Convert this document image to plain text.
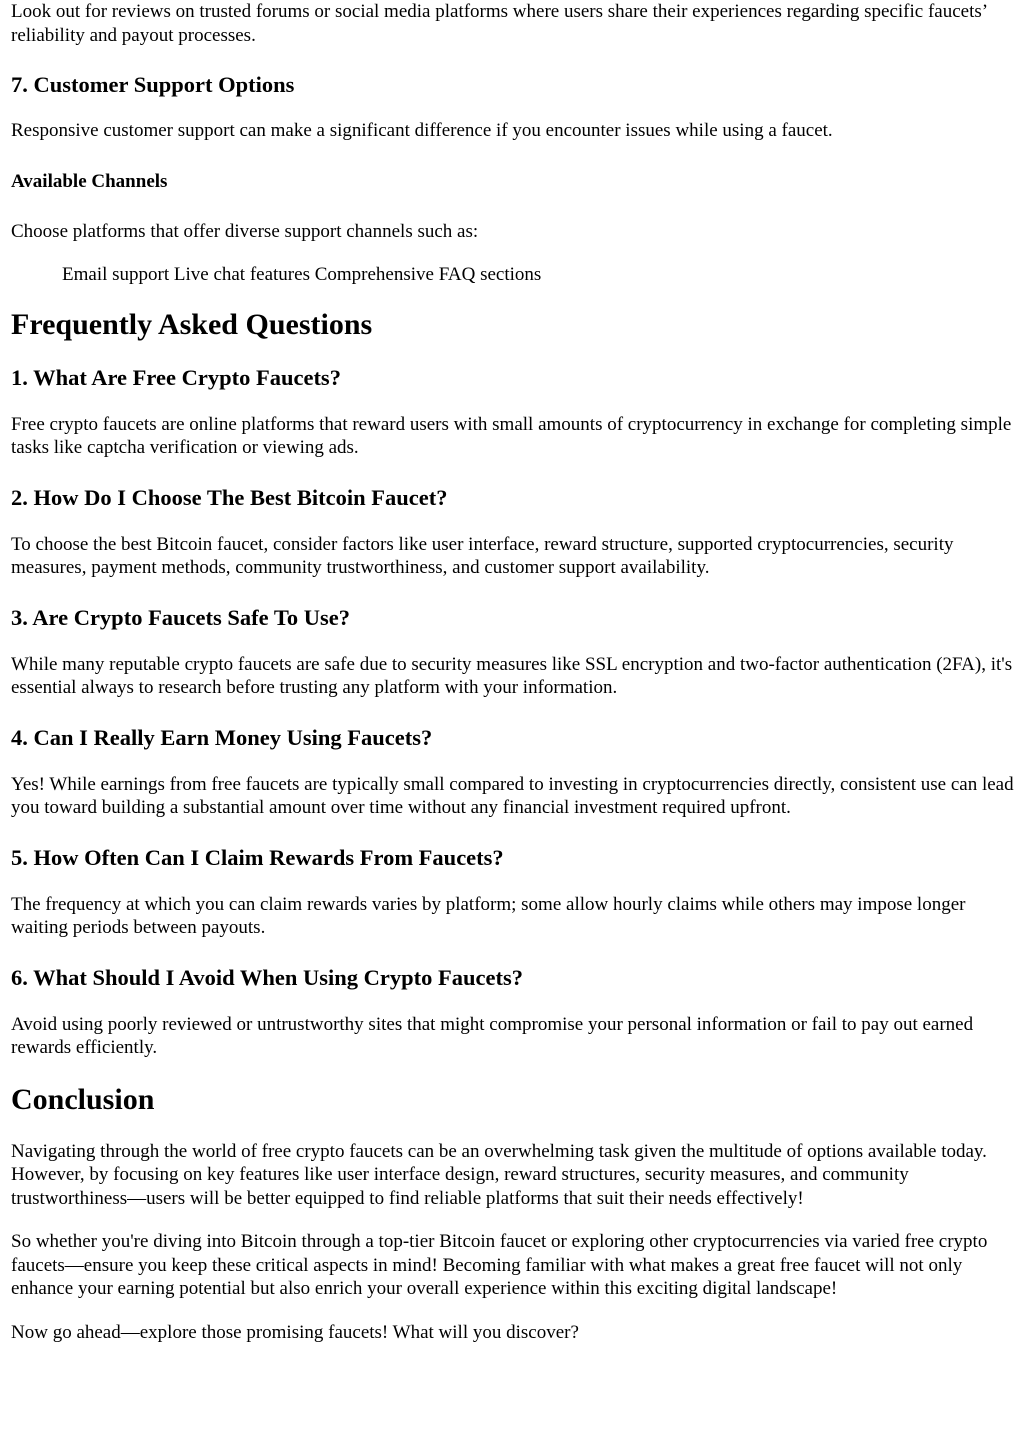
Look out for reviews on trusted forums or social media platforms where users share their experiences regarding specific faucets’ reliability and payout processes.

7. Customer Support Options

Responsive customer support can make a significant difference if you encounter issues while using a faucet.

Available Channels

Choose platforms that offer diverse support channels such as:

Email support Live chat features Comprehensive FAQ sections

Frequently Asked Questions
1. What Are Free Crypto Faucets?

Free crypto faucets are online platforms that reward users with small amounts of cryptocurrency in exchange for completing simple tasks like captcha verification or viewing ads.

2. How Do I Choose The Best Bitcoin Faucet?

To choose the best Bitcoin faucet, consider factors like user interface, reward structure, supported cryptocurrencies, security measures, payment methods, community trustworthiness, and customer support availability.

3. Are Crypto Faucets Safe To Use?

While many reputable crypto faucets are safe due to security measures like SSL encryption and two-factor authentication (2FA), it's essential always to research before trusting any platform with your information.

4. Can I Really Earn Money Using Faucets?

Yes! While earnings from free faucets are typically small compared to investing in cryptocurrencies directly, consistent use can lead you toward building a substantial amount over time without any financial investment required upfront.

5. How Often Can I Claim Rewards From Faucets?

The frequency at which you can claim rewards varies by platform; some allow hourly claims while others may impose longer waiting periods between payouts.

6. What Should I Avoid When Using Crypto Faucets?

Avoid using poorly reviewed or untrustworthy sites that might compromise your personal information or fail to pay out earned rewards efficiently.

Conclusion

Navigating through the world of free crypto faucets can be an overwhelming task given the multitude of options available today. However, by focusing on key features like user interface design, reward structures, security measures, and community trustworthiness—users will be better equipped to find reliable platforms that suit their needs effectively!

So whether you're diving into Bitcoin through a top-tier Bitcoin faucet or exploring other cryptocurrencies via varied free crypto faucets—ensure you keep these critical aspects in mind! Becoming familiar with what makes a great free faucet will not only enhance your earning potential but also enrich your overall experience within this exciting digital landscape!

Now go ahead—explore those promising faucets! What will you discover?
